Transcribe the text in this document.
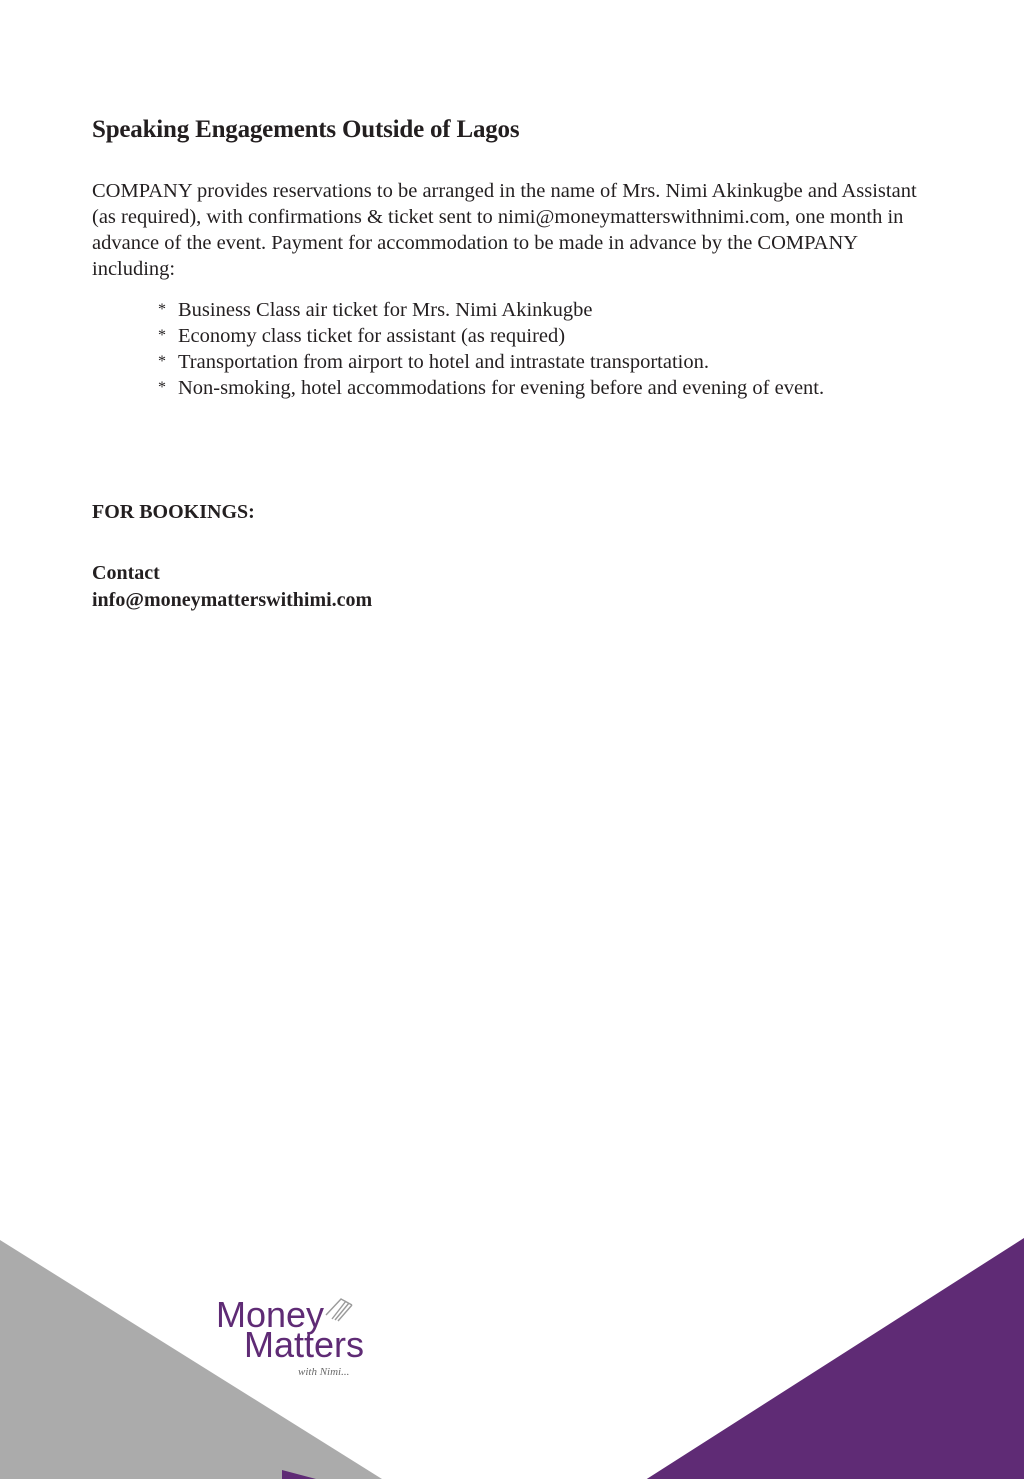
Speaking Engagements Outside of Lagos

COMPANY provides reservations to be arranged in the name of Mrs. Nimi Akinkugbe and Assistant (as required), with confirmations & ticket sent to nimi@moneymatterswithnimi.com, one month in advance of the event. Payment for accommodation to be made in advance by the COMPANY including:

* Business Class air ticket for Mrs. Nimi Akinkugbe
* Economy class ticket for assistant (as required)
* Transportation from airport to hotel and intrastate transportation.
* Non-smoking, hotel accommodations for evening before and evening of event.
FOR BOOKINGS:
Contact
info@moneymatterswithimi.com
Money
Matters
with Nimi...
